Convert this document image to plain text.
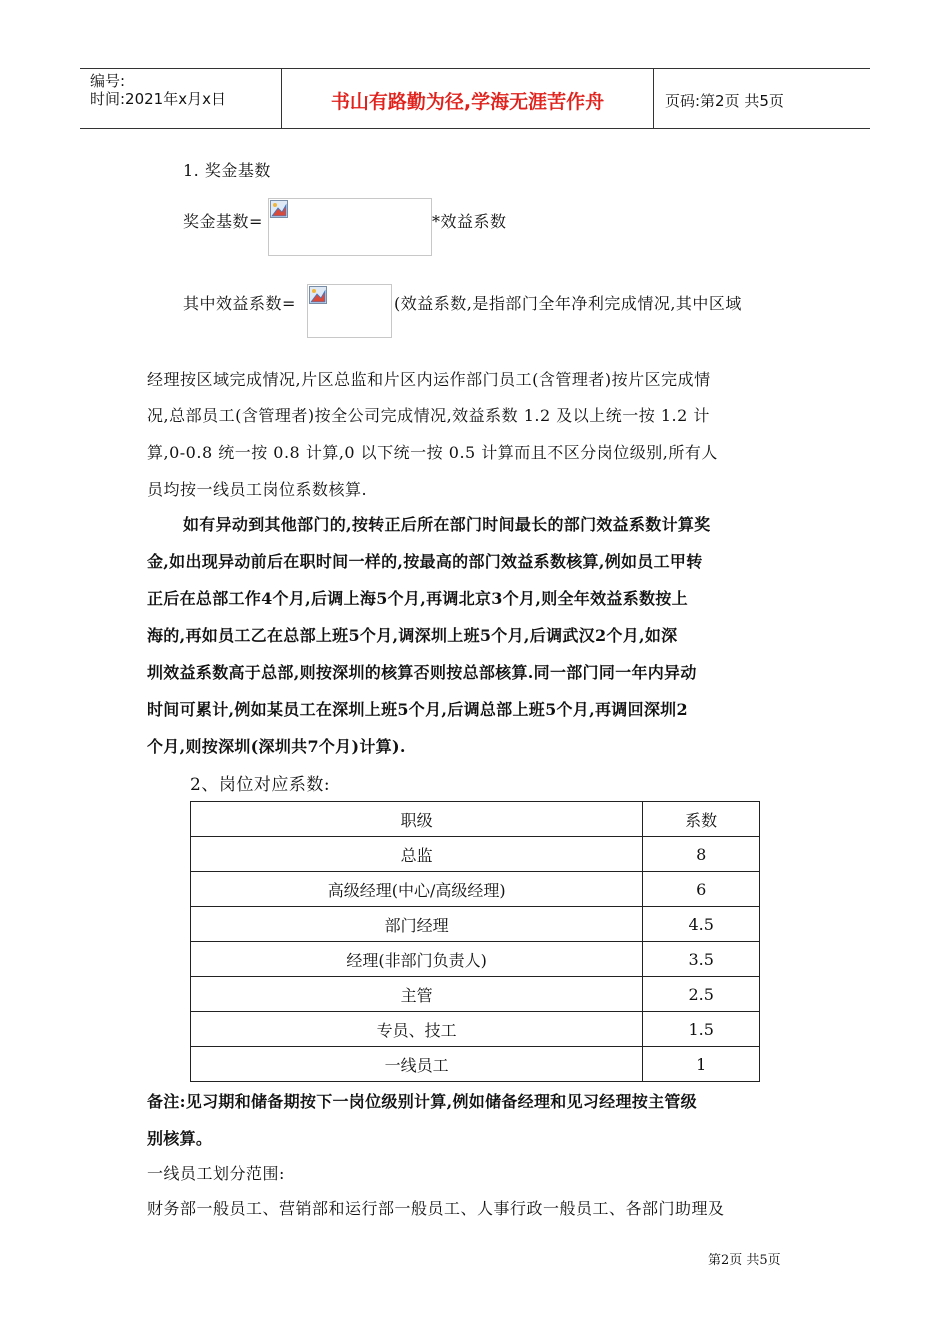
编号:
时间:2021年x月x日	书山有路勤为径,学海无涯苦作舟	页码:第2页 共5页
1. 奖金基数
奖金基数=	*效益系数
其中效益系数=	(效益系数,是指部门全年净利完成情况,其中区域
经理按区域完成情况,片区总监和片区内运作部门员工(含管理者)按片区完成情
况,总部员工(含管理者)按全公司完成情况,效益系数 1.2 及以上统一按 1.2 计
算,0-0.8 统一按 0.8 计算,0 以下统一按 0.5 计算而且不区分岗位级别,所有人
员均按一线员工岗位系数核算.
如有异动到其他部门的,按转正后所在部门时间最长的部门效益系数计算奖
金,如出现异动前后在职时间一样的,按最高的部门效益系数核算,例如员工甲转
正后在总部工作4个月,后调上海5个月,再调北京3个月,则全年效益系数按上
海的,再如员工乙在总部上班5个月,调深圳上班5个月,后调武汉2个月,如深
圳效益系数高于总部,则按深圳的核算否则按总部核算.同一部门同一年内异动
时间可累计,例如某员工在深圳上班5个月,后调总部上班5个月,再调回深圳2
个月,则按深圳(深圳共7个月)计算).
2、岗位对应系数:
职级	系数
总监	8
高级经理(中心/高级经理)	6
部门经理	4.5
经理(非部门负责人)	3.5
主管	2.5
专员、技工	1.5
一线员工	1
备注:见习期和储备期按下一岗位级别计算,例如储备经理和见习经理按主管级
别核算。
一线员工划分范围:
财务部一般员工、营销部和运行部一般员工、人事行政一般员工、各部门助理及
第2页 共5页
